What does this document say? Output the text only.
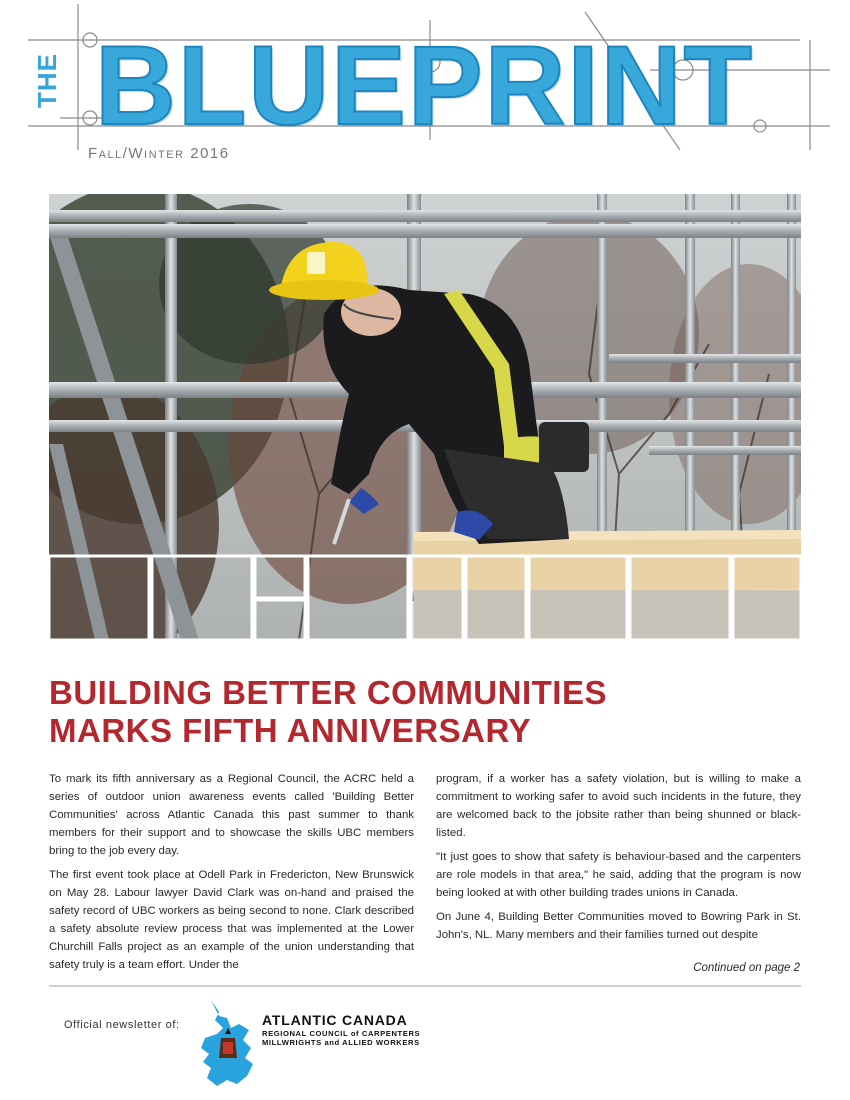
THE BLUEPRINT
Fall/Winter 2016
BUILDING BETTER COMMUNITIES
MARKS FIFTH ANNIVERSARY

To mark its fifth anniversary as a Regional Council, the ACRC held a series of outdoor union awareness events called 'Building Better Communities' across Atlantic Canada this past summer to thank members for their support and to showcase the skills UBC members bring to the job every day.

The first event took place at Odell Park in Fredericton, New Brunswick on May 28. Labour lawyer David Clark was on-hand and praised the safety record of UBC workers as being second to none. Clark described a safety absolute review process that was implemented at the Lower Churchill Falls project as an example of the union understanding that safety truly is a team effort. Under the

program, if a worker has a safety violation, but is willing to make a commitment to working safer to avoid such incidents in the future, they are welcomed back to the jobsite rather than being shunned or black-listed.

"It just goes to show that safety is behaviour-based and the carpenters are role models in that area," he said, adding that the program is now being looked at with other building trades unions in Canada.

On June 4, Building Better Communities moved to Bowring Park in St. John's, NL. Many members and their families turned out despite

Continued on page 2
Official newsletter of:	ATLANTIC CANADA
REGIONAL COUNCIL of CARPENTERS
MILLWRIGHTS and ALLIED WORKERS
